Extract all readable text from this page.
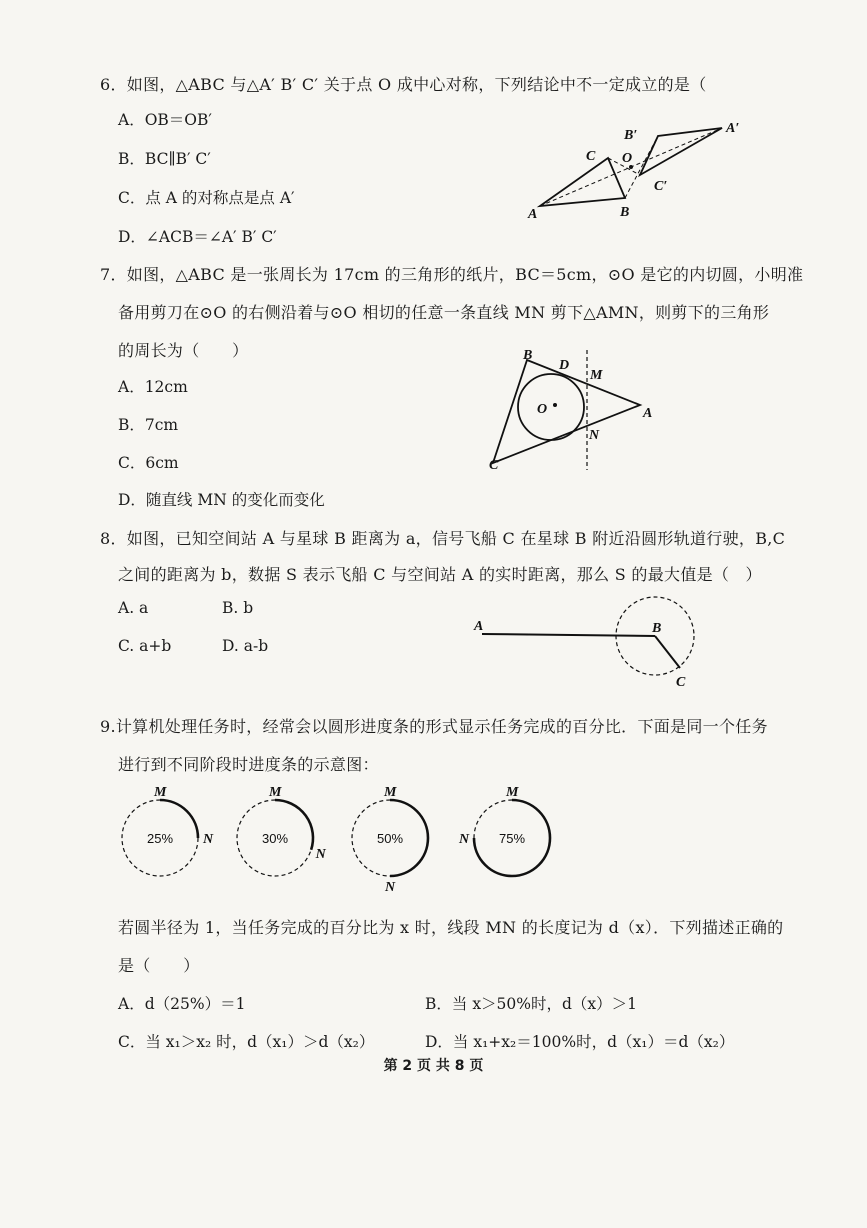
6．如图，△ABC 与△A′ B′ C′ 关于点 O 成中心对称，下列结论中不一定成立的是（
A．OB＝OB′
B．BC∥B′ C′
C．点 A 的对称点是点 A′
D．∠ACB＝∠A′ B′ C′
A	B
C O
A′
B′
C′
7．如图，△ABC 是一张周长为 17cm 的三角形的纸片，BC＝5cm，⊙O 是它的内切圆，小明准
备用剪刀在⊙O 的右侧沿着与⊙O 相切的任意一条直线 MN 剪下△AMN，则剪下的三角形
的周长为（　　）
A．12cm
B．7cm
C．6cm
D．随直线 MN 的变化而变化
B
D
M
A
N
O
C
8．如图，已知空间站 A 与星球 B 距离为 a，信号飞船 C 在星球 B 附近沿圆形轨道行驶，B,C
之间的距离为 b，数据 S 表示飞船 C 与空间站 A 的实时距离，那么 S 的最大值是（　）
A. a	B. b
C. a+b	D. a-b
A	B
C
9.计算机处理任务时，经常会以圆形进度条的形式显示任务完成的百分比．下面是同一个任务
进行到不同阶段时进度条的示意图：
25%
M
N	30%
M
N
50%
M
N
75%
M
N
若圆半径为 1，当任务完成的百分比为 x 时，线段 MN 的长度记为 d（x）．下列描述正确的
是（　　）
A．d（25%）＝1	B．当 x＞50%时，d（x）＞1
C．当 x₁＞x₂ 时，d（x₁）＞d（x₂）	D．当 x₁+x₂＝100%时，d（x₁）＝d（x₂）
第 2 页 共 8 页
